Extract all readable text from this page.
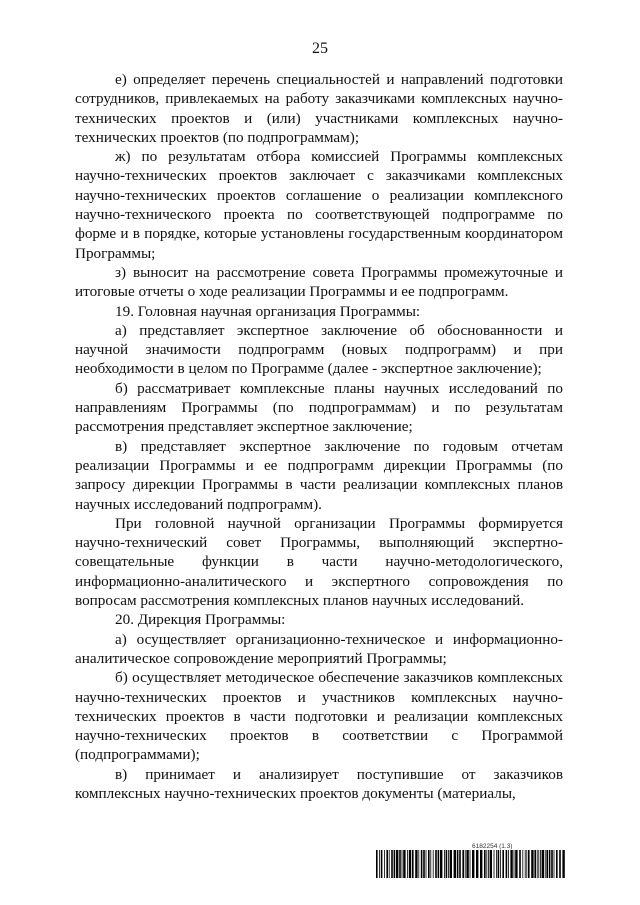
25

е) определяет перечень специальностей и направлений подготовки сотрудников, привлекаемых на работу заказчиками комплексных научно-технических проектов и (или) участниками комплексных научно-технических проектов (по подпрограммам);

ж) по результатам отбора комиссией Программы комплексных научно-технических проектов заключает с заказчиками комплексных научно-технических проектов соглашение о реализации комплексного научно-технического проекта по соответствующей подпрограмме по форме и в порядке, которые установлены государственным координатором Программы;

з) выносит на рассмотрение совета Программы промежуточные и итоговые отчеты о ходе реализации Программы и ее подпрограмм.

19. Головная научная организация Программы:

а) представляет экспертное заключение об обоснованности и научной значимости подпрограмм (новых подпрограмм) и при необходимости в целом по Программе (далее - экспертное заключение);

б) рассматривает комплексные планы научных исследований по направлениям Программы (по подпрограммам) и по результатам рассмотрения представляет экспертное заключение;

в) представляет экспертное заключение по годовым отчетам реализации Программы и ее подпрограмм дирекции Программы (по запросу дирекции Программы в части реализации комплексных планов научных исследований подпрограмм).

При головной научной организации Программы формируется научно-технический совет Программы, выполняющий экспертно-совещательные функции в части научно-методологического, информационно-аналитического и экспертного сопровождения по вопросам рассмотрения комплексных планов научных исследований.

20. Дирекция Программы:

а) осуществляет организационно-техническое и информационно-аналитическое сопровождение мероприятий Программы;

б) осуществляет методическое обеспечение заказчиков комплексных научно-технических проектов и участников комплексных научно-технических проектов в части подготовки и реализации комплексных научно-технических проектов в соответствии с Программой (подпрограммами);

в) принимает и анализирует поступившие от заказчиков комплексных научно-технических проектов документы (материалы,

6182254 (1.3)
